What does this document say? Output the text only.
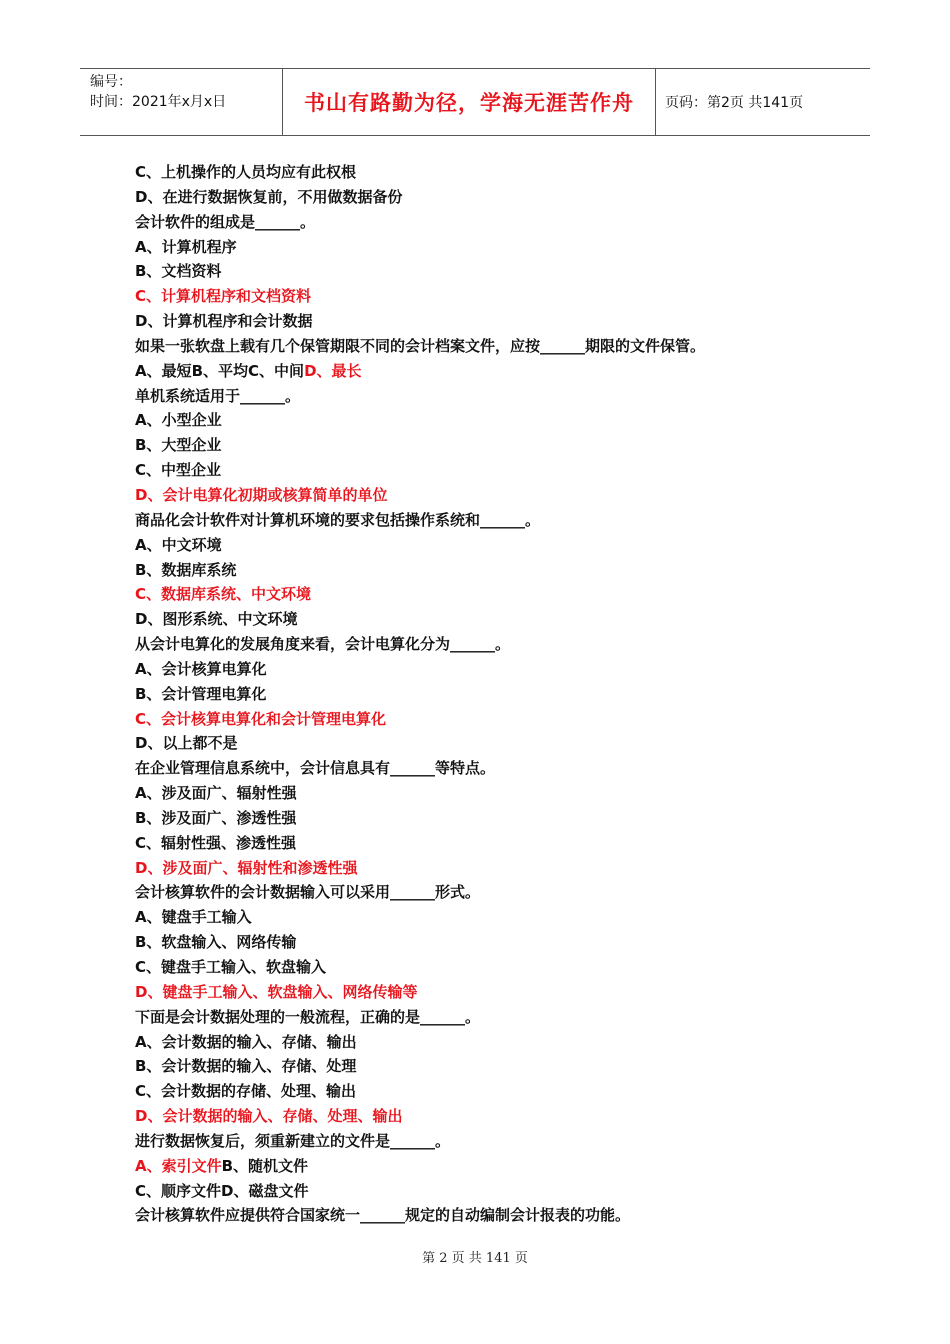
编号：
时间：2021年x月x日	书山有路勤为径，学海无涯苦作舟	页码：第2页 共141页
C、上机操作的人员均应有此权根
D、在进行数据恢复前，不用做数据备份
会计软件的组成是______。
A、计算机程序
B、文档资料
C、计算机程序和文档资料
D、计算机程序和会计数据
如果一张软盘上载有几个保管期限不同的会计档案文件，应按______期限的文件保管。
A、最短B、平均C、中间D、最长
单机系统适用于______。
A、小型企业
B、大型企业
C、中型企业
D、会计电算化初期或核算简单的单位
商品化会计软件对计算机环境的要求包括操作系统和______。
A、中文环境
B、数据库系统
C、数据库系统、中文环境
D、图形系统、中文环境
从会计电算化的发展角度来看，会计电算化分为______。
A、会计核算电算化
B、会计管理电算化
C、会计核算电算化和会计管理电算化
D、以上都不是
在企业管理信息系统中，会计信息具有______等特点。
A、涉及面广、辐射性强
B、涉及面广、渗透性强
C、辐射性强、渗透性强
D、涉及面广、辐射性和渗透性强
会计核算软件的会计数据输入可以采用______形式。
A、键盘手工输入
B、软盘输入、网络传输
C、键盘手工输入、软盘输入
D、键盘手工输入、软盘输入、网络传输等
下面是会计数据处理的一般流程，正确的是______。
A、会计数据的输入、存储、输出
B、会计数据的输入、存储、处理
C、会计数据的存储、处理、输出
D、会计数据的输入、存储、处理、输出
进行数据恢复后，须重新建立的文件是______。
A、索引文件B、随机文件
C、顺序文件D、磁盘文件
会计核算软件应提供符合国家统一______规定的自动编制会计报表的功能。
第 2 页 共 141 页
